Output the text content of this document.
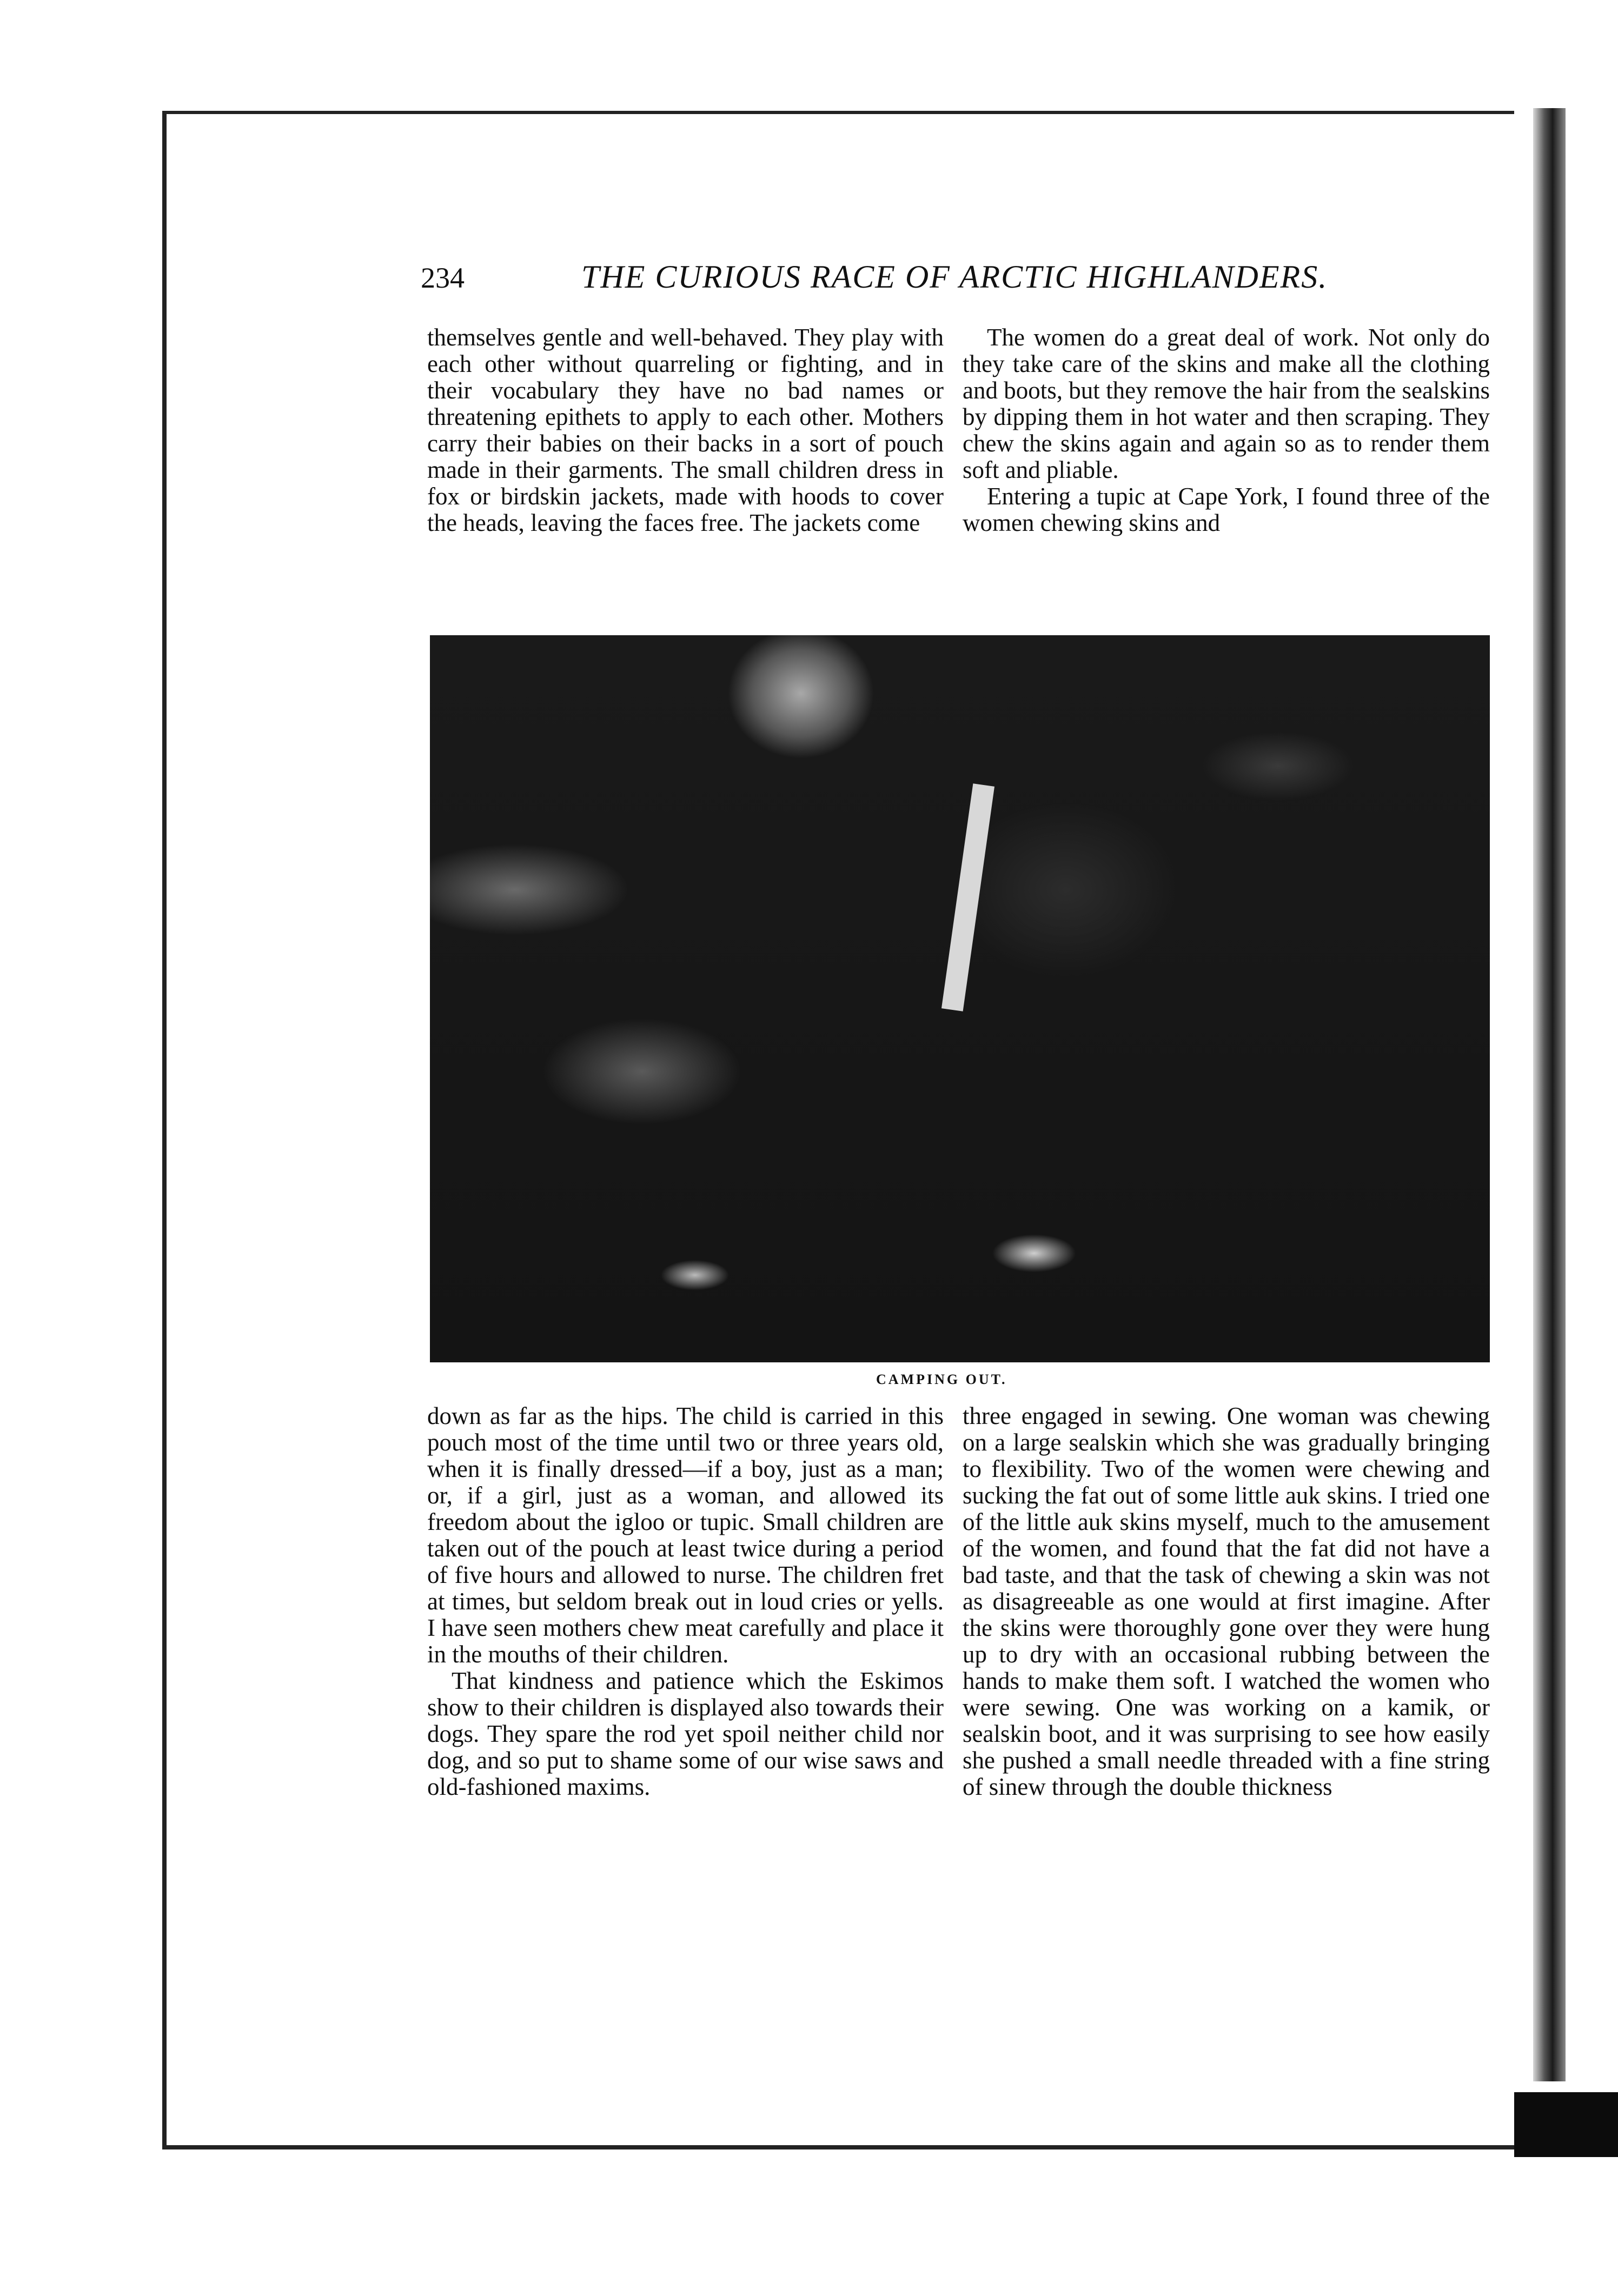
234	THE CURIOUS RACE OF ARCTIC HIGHLANDERS.

themselves gentle and well-behaved. They play with each other without quarreling or fighting, and in their vocabulary they have no bad names or threatening epithets to apply to each other. Mothers carry their babies on their backs in a sort of pouch made in their garments. The small children dress in fox or birdskin jackets, made with hoods to cover the heads, leaving the faces free. The jackets come

The women do a great deal of work. Not only do they take care of the skins and make all the clothing and boots, but they remove the hair from the sealskins by dipping them in hot water and then scraping. They chew the skins again and again so as to render them soft and pliable.

Entering a tupic at Cape York, I found three of the women chewing skins and

CAMPING OUT.

down as far as the hips. The child is carried in this pouch most of the time until two or three years old, when it is finally dressed—if a boy, just as a man; or, if a girl, just as a woman, and allowed its freedom about the igloo or tupic. Small children are taken out of the pouch at least twice during a period of five hours and allowed to nurse. The children fret at times, but seldom break out in loud cries or yells. I have seen mothers chew meat carefully and place it in the mouths of their children.

That kindness and patience which the Eskimos show to their children is displayed also towards their dogs. They spare the rod yet spoil neither child nor dog, and so put to shame some of our wise saws and old-fashioned maxims.

three engaged in sewing. One woman was chewing on a large sealskin which she was gradually bringing to flexibility. Two of the women were chewing and sucking the fat out of some little auk skins. I tried one of the little auk skins myself, much to the amusement of the women, and found that the fat did not have a bad taste, and that the task of chewing a skin was not as disagreeable as one would at first imagine. After the skins were thoroughly gone over they were hung up to dry with an occasional rubbing between the hands to make them soft. I watched the women who were sewing. One was working on a kamik, or sealskin boot, and it was surprising to see how easily she pushed a small needle threaded with a fine string of sinew through the double thickness
